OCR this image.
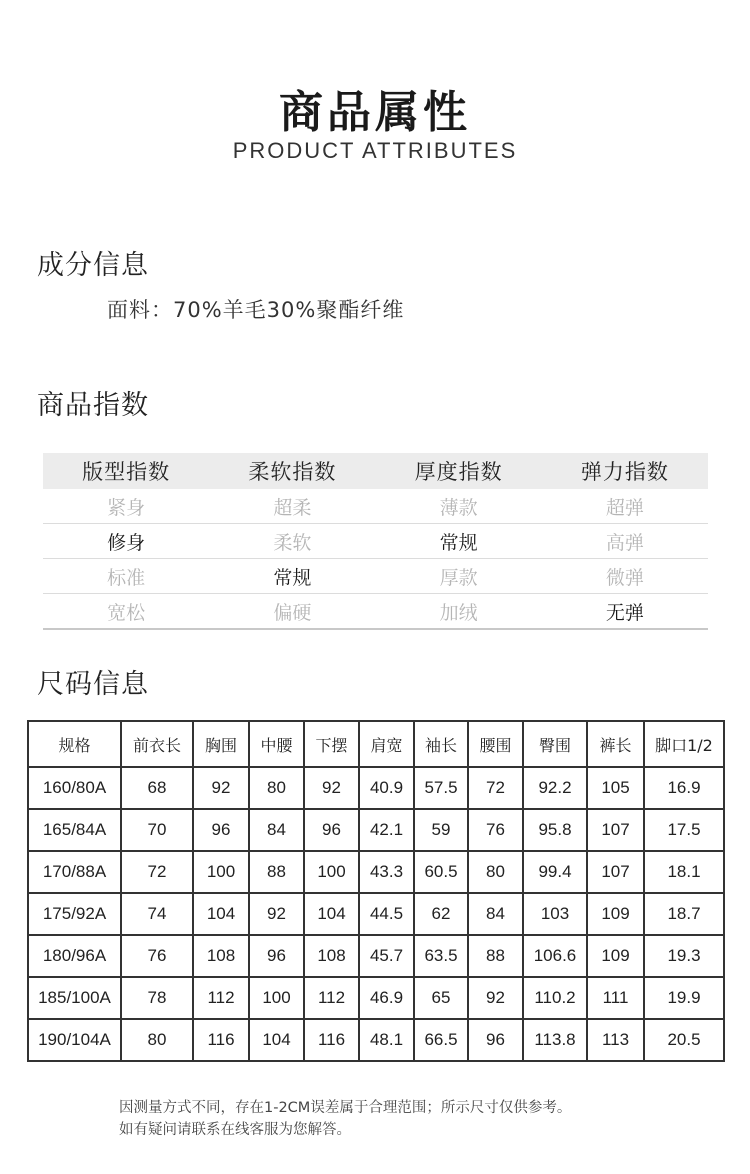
商品属性
PRODUCT ATTRIBUTES
成分信息
面料：70%羊毛30%聚酯纤维
商品指数
版型指数	柔软指数	厚度指数	弹力指数
紧身	超柔	薄款	超弹
修身	柔软	常规	高弹
标准	常规	厚款	微弹
宽松	偏硬	加绒	无弹
尺码信息
规格	前衣长	胸围	中腰	下摆	肩宽	袖长	腰围	臀围	裤长	脚口1/2
160/80A	68	92	80	92	40.9	57.5	72	92.2	105	16.9
165/84A	70	96	84	96	42.1	59	76	95.8	107	17.5
170/88A	72	100	88	100	43.3	60.5	80	99.4	107	18.1
175/92A	74	104	92	104	44.5	62	84	103	109	18.7
180/96A	76	108	96	108	45.7	63.5	88	106.6	109	19.3
185/100A	78	112	100	112	46.9	65	92	110.2	111	19.9
190/104A	80	116	104	116	48.1	66.5	96	113.8	113	20.5
因测量方式不同，存在1-2CM误差属于合理范围；所示尺寸仅供参考。
如有疑问请联系在线客服为您解答。
